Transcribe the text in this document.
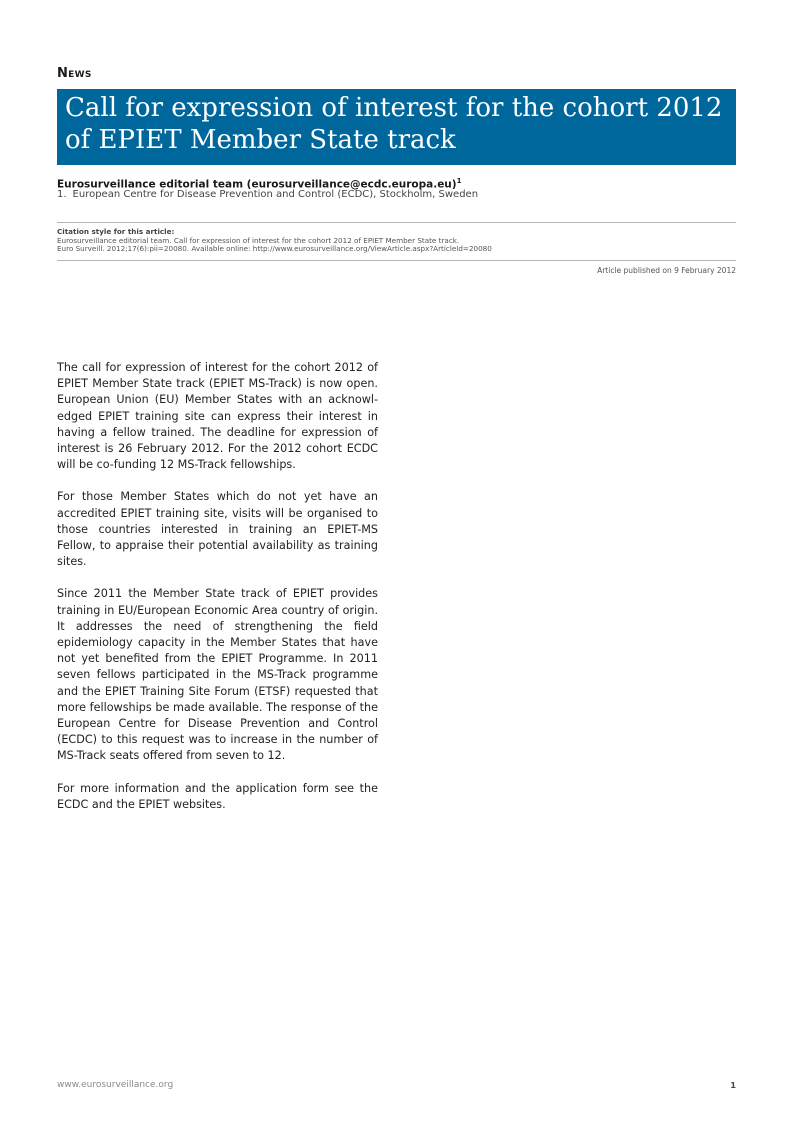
News
Call for expression of interest for the cohort 2012 of EPIET Member State track
Eurosurveillance editorial team (eurosurveillance@ecdc.europa.eu)$^1$
1. European Centre for Disease Prevention and Control (ECDC), Stockholm, Sweden
Citation style for this article:
Eurosurveillance editorial team. Call for expression of interest for the cohort 2012 of EPIET Member State track.
Euro Surveill. 2012;17(6):pii=20080. Available online: http://www.eurosurveillance.org/ViewArticle.aspx?ArticleId=20080
Article published on 9 February 2012

The call for expression of interest for the cohort 2012 of EPIET Member State track (EPIET MS-Track) is now open. European Union (EU) Member States with an acknowledged EPIET training site can express their interest in having a fellow trained. The deadline for expression of interest is 26 February 2012. For the 2012 cohort ECDC will be co-funding 12 MS-Track fellowships.

For those Member States which do not yet have an accredited EPIET training site, visits will be organised to those countries interested in training an EPIET-MS Fellow, to appraise their potential availability as training sites.

Since 2011 the Member State track of EPIET provides training in EU/European Economic Area country of origin. It addresses the need of strengthening the field epidemiology capacity in the Member States that have not yet benefited from the EPIET Programme. In 2011 seven fellows participated in the MS-Track programme and the EPIET Training Site Forum (ETSF) requested that more fellowships be made available. The response of the European Centre for Disease Prevention and Control (ECDC) to this request was to increase in the number of MS-Track seats offered from seven to 12.

For more information and the application form see the ECDC and the EPIET websites.

www.eurosurveillance.org	1
